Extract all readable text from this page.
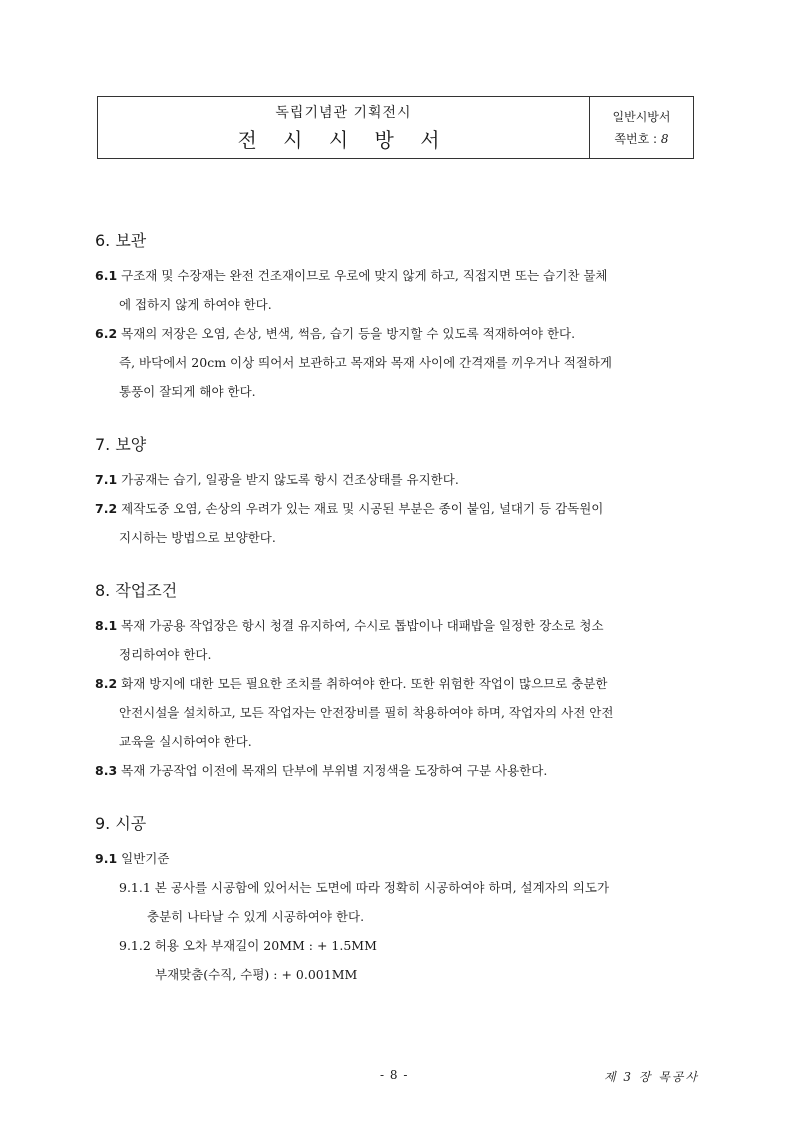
독립기념관 기획전시
전 시 시 방 서
일반시방서
쪽번호 : 8
6. 보관
6.1 구조재 및 수장재는 완전 건조재이므로 우로에 맞지 않게 하고, 직접지면 또는 습기찬 물체
에 접하지 않게 하여야 한다.
6.2 목재의 저장은 오염, 손상, 변색, 썩음, 습기 등을 방지할 수 있도록 적재하여야 한다.
즉, 바닥에서 20cm 이상 띄어서 보관하고 목재와 목재 사이에 간격재를 끼우거나 적절하게
통풍이 잘되게 해야 한다.
7. 보양
7.1 가공재는 습기, 일광을 받지 않도록 항시 건조상태를 유지한다.
7.2 제작도중 오염, 손상의 우려가 있는 재료 및 시공된 부분은 종이 붙임, 널대기 등 감독원이
지시하는 방법으로 보양한다.
8. 작업조건
8.1 목재 가공용 작업장은 항시 청결 유지하여, 수시로 톱밥이나 대패밥을 일정한 장소로 청소
정리하여야 한다.
8.2 화재 방지에 대한 모든 필요한 조치를 취하여야 한다. 또한 위험한 작업이 많으므로 충분한
안전시설을 설치하고, 모든 작업자는 안전장비를 필히 착용하여야 하며, 작업자의 사전 안전
교육을 실시하여야 한다.
8.3 목재 가공작업 이전에 목재의 단부에 부위별 지정색을 도장하여 구분 사용한다.
9. 시공
9.1 일반기준
9.1.1 본 공사를 시공함에 있어서는 도면에 따라 정확히 시공하여야 하며, 설계자의 의도가
충분히 나타날 수 있게 시공하여야 한다.
9.1.2 허용 오차 부재길이 20MM : + 1.5MM
부재맞춤(수직, 수평) : + 0.001MM
- 8 -	제 3 장 목공사
